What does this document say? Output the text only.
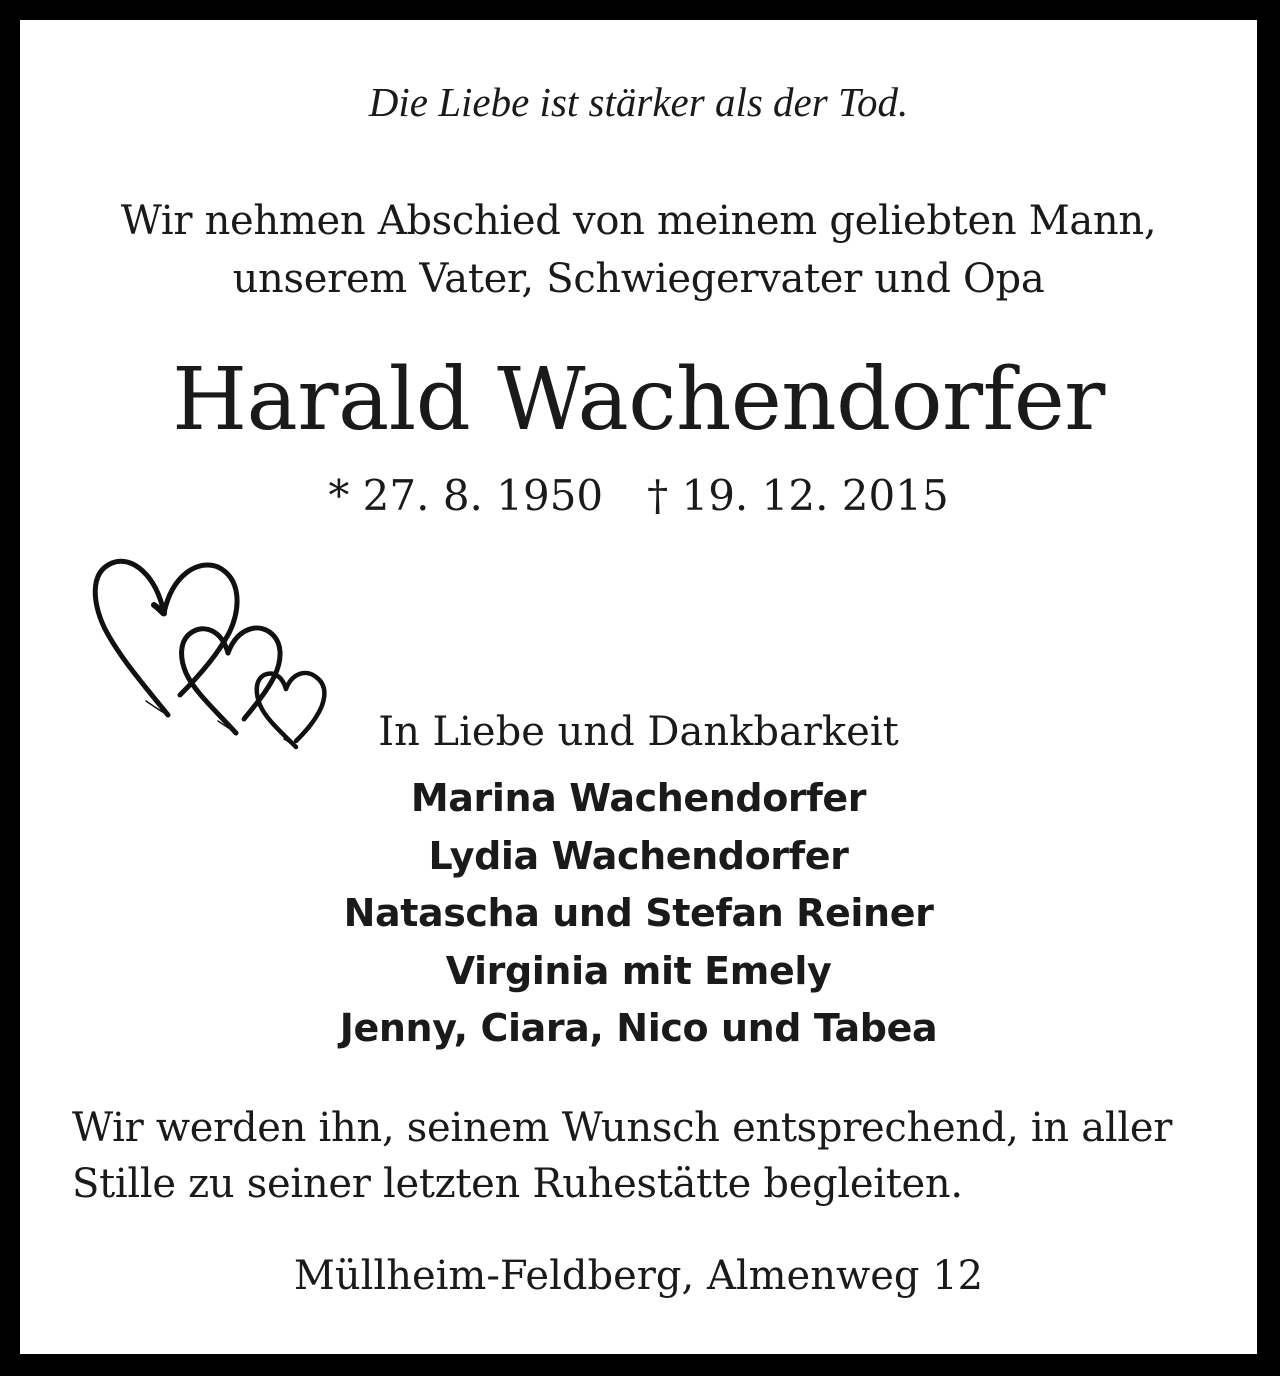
Die Liebe ist stärker als der Tod.
Wir nehmen Abschied von meinem geliebten Mann,
unserem Vater, Schwiegervater und Opa
Harald Wachendorfer
* 27. 8. 1950 † 19. 12. 2015
In Liebe und Dankbarkeit
Marina Wachendorfer
Lydia Wachendorfer
Natascha und Stefan Reiner
Virginia mit Emely
Jenny, Ciara, Nico und Tabea
Wir werden ihn, seinem Wunsch entsprechend, in aller
Stille zu seiner letzten Ruhestätte begleiten.
Müllheim-Feldberg, Almenweg 12
